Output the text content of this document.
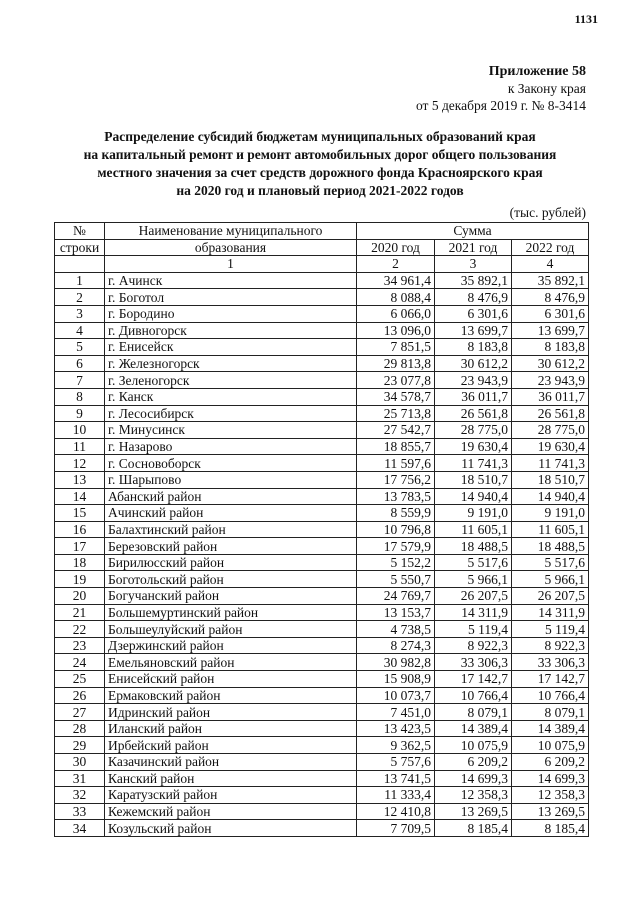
1131
Приложение 58
к Закону края
от 5 декабря 2019 г. № 8-3414
Распределение субсидий бюджетам муниципальных образований края
на капитальный ремонт и ремонт автомобильных дорог общего пользования
местного значения за счет средств дорожного фонда Красноярского края
на 2020 год и плановый период 2021-2022 годов
(тыс. рублей)
№	Наименование муниципального	Сумма		
строки	образования	2020 год	2021 год	2022 год
	1	2	3	4
1	г. Ачинск	34 961,4	35 892,1	35 892,1
2	г. Боготол	8 088,4	8 476,9	8 476,9
3	г. Бородино	6 066,0	6 301,6	6 301,6
4	г. Дивногорск	13 096,0	13 699,7	13 699,7
5	г. Енисейск	7 851,5	8 183,8	8 183,8
6	г. Железногорск	29 813,8	30 612,2	30 612,2
7	г. Зеленогорск	23 077,8	23 943,9	23 943,9
8	г. Канск	34 578,7	36 011,7	36 011,7
9	г. Лесосибирск	25 713,8	26 561,8	26 561,8
10	г. Минусинск	27 542,7	28 775,0	28 775,0
11	г. Назарово	18 855,7	19 630,4	19 630,4
12	г. Сосновоборск	11 597,6	11 741,3	11 741,3
13	г. Шарыпово	17 756,2	18 510,7	18 510,7
14	Абанский район	13 783,5	14 940,4	14 940,4
15	Ачинский район	8 559,9	9 191,0	9 191,0
16	Балахтинский район	10 796,8	11 605,1	11 605,1
17	Березовский район	17 579,9	18 488,5	18 488,5
18	Бирилюсский район	5 152,2	5 517,6	5 517,6
19	Боготольский район	5 550,7	5 966,1	5 966,1
20	Богучанский район	24 769,7	26 207,5	26 207,5
21	Большемуртинский район	13 153,7	14 311,9	14 311,9
22	Большеулуйский район	4 738,5	5 119,4	5 119,4
23	Дзержинский район	8 274,3	8 922,3	8 922,3
24	Емельяновский район	30 982,8	33 306,3	33 306,3
25	Енисейский район	15 908,9	17 142,7	17 142,7
26	Ермаковский район	10 073,7	10 766,4	10 766,4
27	Идринский район	7 451,0	8 079,1	8 079,1
28	Иланский район	13 423,5	14 389,4	14 389,4
29	Ирбейский район	9 362,5	10 075,9	10 075,9
30	Казачинский район	5 757,6	6 209,2	6 209,2
31	Канский район	13 741,5	14 699,3	14 699,3
32	Каратузский район	11 333,4	12 358,3	12 358,3
33	Кежемский район	12 410,8	13 269,5	13 269,5
34	Козульский район	7 709,5	8 185,4	8 185,4
